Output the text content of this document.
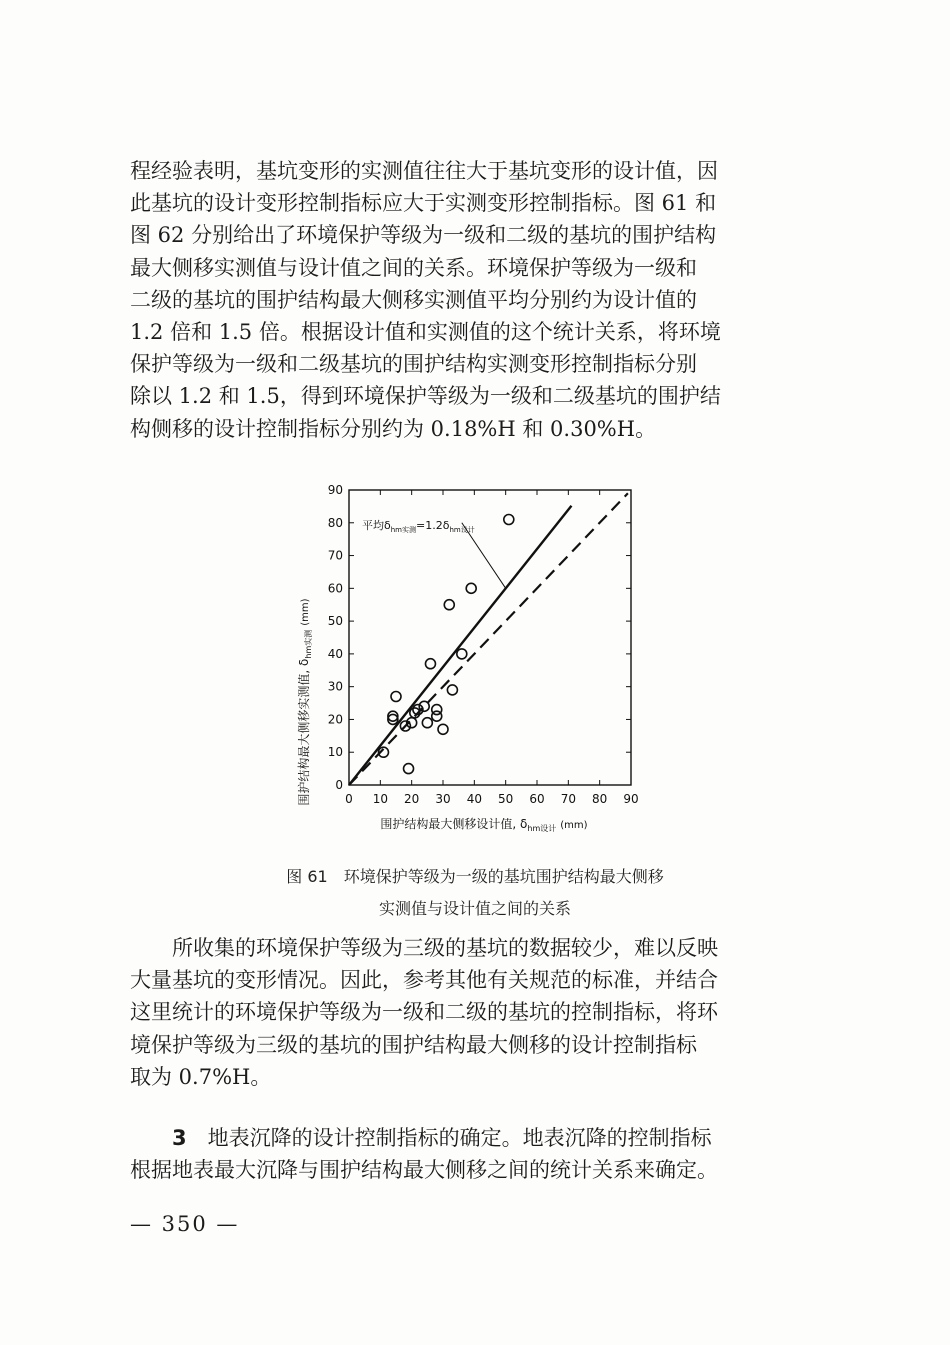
程经验表明，基坑变形的实测值往往大于基坑变形的设计值，因
此基坑的设计变形控制指标应大于实测变形控制指标。图 61 和
图 62 分别给出了环境保护等级为一级和二级的基坑的围护结构
最大侧移实测值与设计值之间的关系。环境保护等级为一级和
二级的基坑的围护结构最大侧移实测值平均分别约为设计值的
1.2 倍和 1.5 倍。根据设计值和实测值的这个统计关系，将环境
保护等级为一级和二级基坑的围护结构实测变形控制指标分别
除以 1.2 和 1.5，得到环境保护等级为一级和二级基坑的围护结
构侧移的设计控制指标分别约为 0.18%H 和 0.30%H。
0 10 20 30 40 50 60 70 80 90
0
10
20
30
40
50
60
70
80
90
围护结构最大侧移实测值, $\delta_{hm实测}^{(mm)}$
围护结构最大侧移设计值, $\delta_{hm设计}$ $^{(mm)}$
平均$\delta_{hm实测}=1.2\delta_{hm设计}$
图 61　环境保护等级为一级的基坑围护结构最大侧移
实测值与设计值之间的关系
所收集的环境保护等级为三级的基坑的数据较少，难以反映
大量基坑的变形情况。因此，参考其他有关规范的标准，并结合
这里统计的环境保护等级为一级和二级的基坑的控制指标，将环
境保护等级为三级的基坑的围护结构最大侧移的设计控制指标
取为 0.7%H。
3　 地表沉降的设计控制指标的确定。地表沉降的控制指标
根据地表最大沉降与围护结构最大侧移之间的统计关系来确定。
— 350 —
